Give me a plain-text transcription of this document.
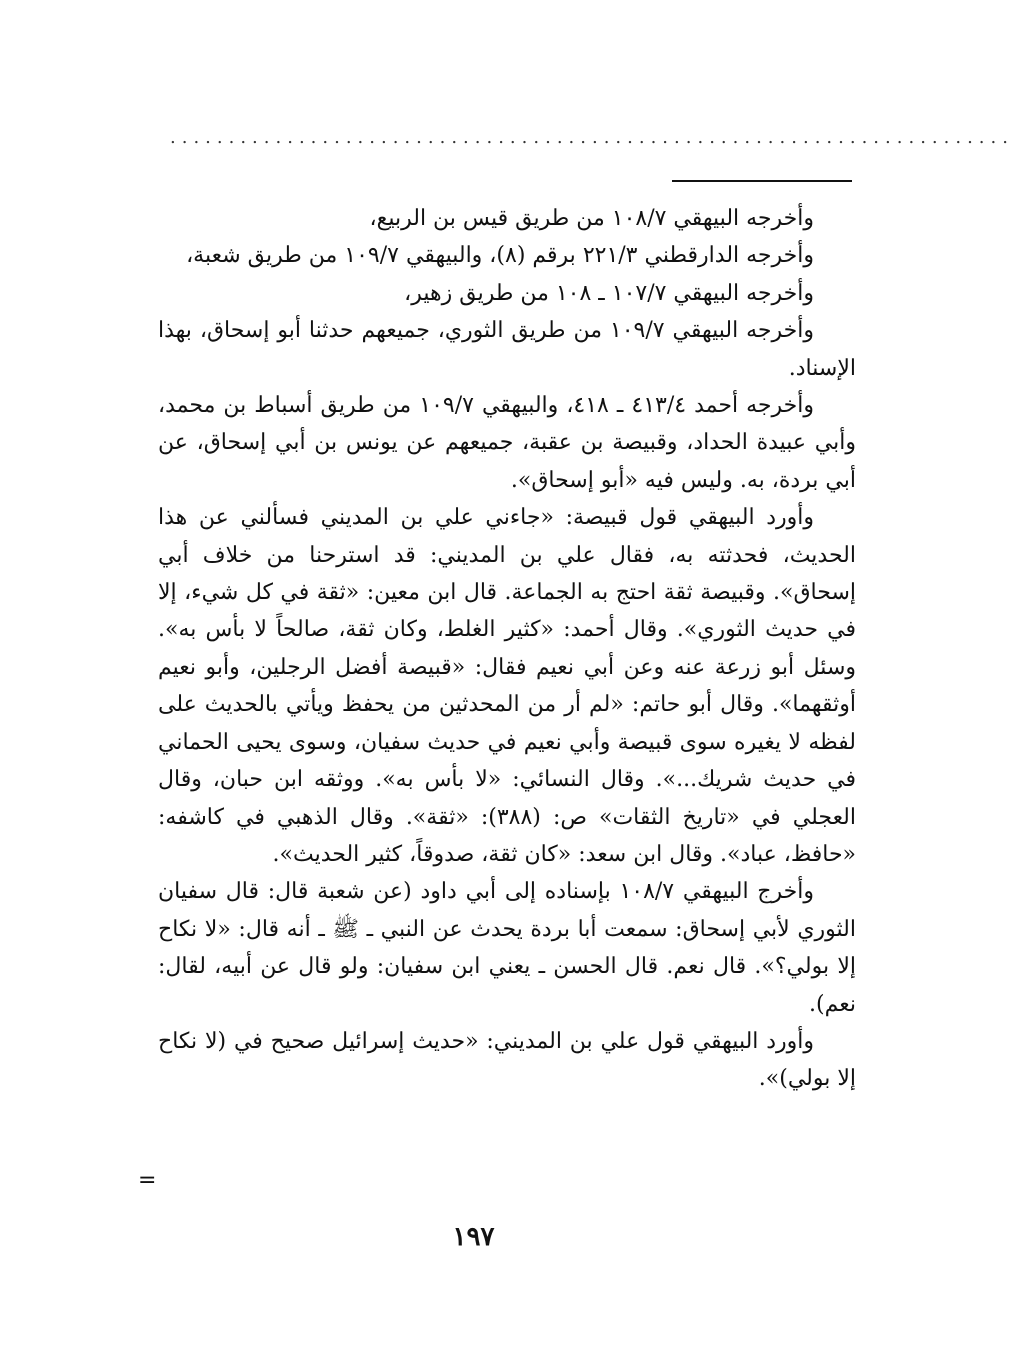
........................................................................

وأخرجه البيهقي ١٠٨/٧ من طريق قيس بن الربيع،

وأخرجه الدارقطني ٢٢١/٣ برقم (٨)، والبيهقي ١٠٩/٧ من طريق شعبة،

وأخرجه البيهقي ١٠٧/٧ ـ ١٠٨ من طريق زهير،

وأخرجه البيهقي ١٠٩/٧ من طريق الثوري، جميعهم حدثنا أبو إسحاق، بهذا الإسناد.

وأخرجه أحمد ٤١٣/٤ ـ ٤١٨، والبيهقي ١٠٩/٧ من طريق أسباط بن محمد، وأبي عبيدة الحداد، وقبيصة بن عقبة، جميعهم عن يونس بن أبي إسحاق، عن أبي بردة، به. وليس فيه «أبو إسحاق».

وأورد البيهقي قول قبيصة: «جاءني علي بن المديني فسألني عن هذا الحديث، فحدثته به، فقال علي بن المديني: قد استرحنا من خلاف أبي إسحاق». وقبيصة ثقة احتج به الجماعة. قال ابن معين: «ثقة في كل شيء، إلا في حديث الثوري». وقال أحمد: «كثير الغلط، وكان ثقة، صالحاً لا بأس به». وسئل أبو زرعة عنه وعن أبي نعيم فقال: «قبيصة أفضل الرجلين، وأبو نعيم أوثقهما». وقال أبو حاتم: «لم أر من المحدثين من يحفظ ويأتي بالحديث على لفظه لا يغيره سوى قبيصة وأبي نعيم في حديث سفيان، وسوى يحيى الحماني في حديث شريك...». وقال النسائي: «لا بأس به». ووثقه ابن حبان، وقال العجلي في «تاريخ الثقات» ص: (٣٨٨): «ثقة». وقال الذهبي في كاشفه: «حافظ، عباد». وقال ابن سعد: «كان ثقة، صدوقاً، كثير الحديث».

وأخرج البيهقي ١٠٨/٧ بإسناده إلى أبي داود (عن شعبة قال: قال سفيان الثوري لأبي إسحاق: سمعت أبا بردة يحدث عن النبي ـ ﷺ ـ أنه قال: «لا نكاح إلا بولي؟». قال نعم. قال الحسن ـ يعني ابن سفيان: ولو قال عن أبيه، لقال: نعم).

وأورد البيهقي قول علي بن المديني: «حديث إسرائيل صحيح في (لا نكاح إلا بولي)».

=
١٩٧
